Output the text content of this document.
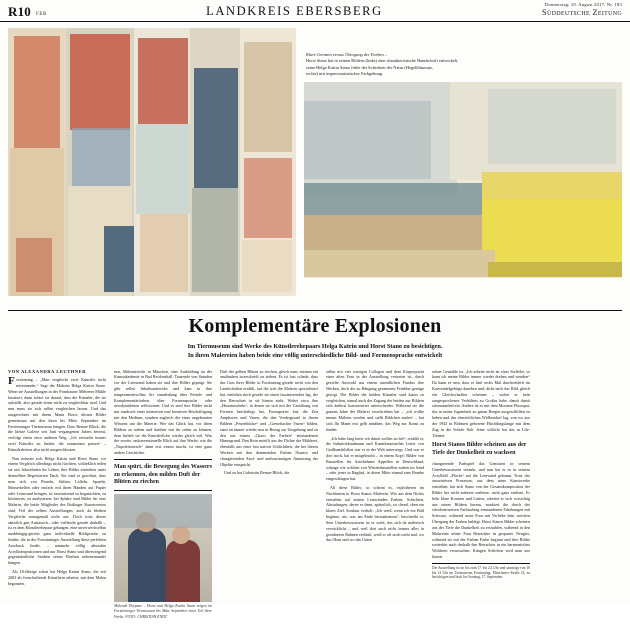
R10 FEB	LANDKREIS EBERSBERG	Donnerstag, 10. August 2017, Nr. 183
Süddeutsche Zeitung
Klare Grenzen versus Übergang der Farben –
Horst Stano hat in seinen Bildern (links) eine charakteristische Handschrift entwickelt,
seine Helga Katrin Stano frühe der Schichten der Natur (Hegelklinzsatz,
rechts) mit impressionistischer Farbgebung.
Komplementäre Explosionen
Im Tiermuseum sind Werke des Künstlerehepaars Helga Katrin und Horst Stano zu besichtigen.
In ihren Malereien haben beide eine völlig unterschiedliche Bild- und Formensprache entwickelt
VON ALEXANDRA LEUTHNER

Forstinning – „Man vergleicht zwei Künstler nicht miteinander.“ Sagt die Malerin Helga Katrin Stano. Wenn sie Ausstellungen in der Firmhauser Mehrerer Mühle kuratiert, dann achtet sie darauf, dass die Künstler, die sie aufstellt, also gerade einen nicht zu vergleichbar sind. Und nun muss sie sich selbst vergleichen lassen. Und das ausgerechnet mit ihrem Mann Horst, dessen Bilder gemeinsam mit den ihren his Mitte September im Forstinninger Tiermuseum hängen. Dass Renate Blöck, die die kleine Galerie seit Juni vergangenen Jahres betreut, verfolgt einen etwa anderen Weg. „Ich versuche immer zwei Künstler zu finden, die zusammen passen“ – Künstlerbetreu also nicht ausgeschlossen.

Nun müssen sich Helga Katrin und Horst Stano vor einem Vergleich allerdings nicht fürchten, schließlich teilen sie seit Jahrzehnten ihr Leben, ihre Bilder entstehen unter demselben Begeisterten Dach, Sie sind es gewöhnt, dass man sich von Pinseln, Stiften, Löffeln, Spateln, Masserkellen oder einfach mit ihren Händen auf Papier oder Leinwand bringen, ist faszinierend zu begutachten, zu kritisieren, zu analysieren; bei Sphäre sind Bilder für eine Malerin, die beide Mitglieder des Rotlinger Kunstvereins sind, Teil der selben Ausstellungen, auch da bleiben Vergleiche naturgemäß nicht aus. Doch trotz dieses sämtlich gen Austausch– oder vielleicht gerade deshalb – ist es dem Künstlerehepaar gelungen, eine unverwechselbar unabhängig-gereizt ganz individuelle Bildsprache zu finden, die in der Forstinninger Ausstellung diese perfekten Ausdruck findet. – nunmehr völlig abstrakte Acrylkompositionen und nur Horst Stano und überwiegend gegenständliche Studien seiner Ehefrau nebeneinander hängen.

Als 18-Jährige schon hat Helga Katrin Stano, die seit 2003 als freischaffende Künstlerin arbeitet, mit dem Malen begonnen.

nen, Malunterricht in München, eine Ausbildung an der Kunstakademie in Bad Reichenhall, Tausende von Stunden vor der Leinwand haben sie und ihre Bilder geprägt. Sie gibt selbst Inhaltsunterricht und kam in ihre temperamentvollen Art stundenlang über Feinde- und Komplementärfarben, über Formensprache oder aerodynärbeten reflexionen. Und es sind ihre Bilder nicht nur ausdruck einer intensiven und kreativen Beschäftigung mit den Medium, sondern zugleich der eines ungebrauten Wissens um die Materie. Wer das Glück hat, vor ihren Bildern zu stehen und darüber mit ihr reden zu können, dem lächelt sie die Künstlerliche wieder gleich viel. Was der zweite, unkonventionelle Blick auf ihre Werke, wie die „Napoleitonesch“ dann erst einem macht, ist eine ganz andere Geschichte.

Man spürt, die Bewegung des Wassers zu erkennen, den milden Duft der Blüten zu riechen
Malende Ehepaar – Horst und Helga Katrin Stano zeigen im Forstinninger Tiermuseum bis Mitte September eines Teil ihrer Werke. FOTO: CHRISTIAN ENDT

Duft der gelben Blüten zu riechen, gleich man, meinen ein analändern isserscheidt zu stehen. Es ist fast schade, dass das Gras ihrer Bilder in Forstinning gerade nicht von den Landschaften erzählt, auf die sich die Malerin spezialisiert hat, entfalten doch gerade sie einen faszinierenden lag, der den Betrachter in sie hinein zieht. Wobei etwa ihre „Herzmuscheln“, in denen sie sich mit der Gestaltung von Formen beschäftigt hat, Formspuren fast die Zen Amphoren und Vasen, die den Vordergrund in ihrem Bildern „Feuerblücke“ und „Grenzbuchse Vasen“ bilden, samt an immer wieder neu in Bezug zur Umgebung und zu den aus einem „Chaos der Farben“ entstandenen Hintergrund. Den Rein entrifft aus der Dichte der Mählerei, ebenfalls aus einer fast naiven Schlichtheit, die bei diesen Werken mit den dommenden Farben Nuance und changierenden Azul- und anthrazitartigen Anmutung der Objekte entspricht.

Und zu hat Galeristin Renate Blöck, die

selbst mit vier witzigen Collagen und dem Körperpoträt einer alten Frau in der Ausstellung vertreten ist, durch gezielte Auswahl aus einem unendlichen Fundus ihre Werken, doch der zu Hängung gesammen Feinblue genüge gezogt. Die Bilder der beiden Künstler sind kaum zu vergleichen, zumal auch der Zugang der beiden zur Bildern sich äußerst konstruierter unterscheidet. Während sie die ganzen Jahre der Malerei verschrieben hat – „ich wollte immer Mälerin werden und stellt Bildchen malen“ – hat sich Ihr Mann erst gelb annähen, das Weg zur Kunst zu finden.

„Ich habe lang herte ich damit wollen zu bel“, erzählt er, die Industriekaufmann und Kunstkenntnichet Leiter von Großhandelsflen war er in der Welt unterwegs. Und war er dort noch, hat er mitgebracht – in einem Kopf: Bilder von Baustellen für Autobahnen Appellen in Deutschland, solange wie solchen von Wüstenbaustellen mitten im Sand – oder jener in Bagdad, in deren Mitte einmal eine Bombe eingeschlagen hat.

All diese Bilder, so scheint es, explodieren im Nachhinein in Horst Stanos Malerein. Wie aus dem Nichts entstehen auf seinen Leinwänden Farben; Schichten, Abstufungen, deren er dann, späterlich, zu chend, sben ein klares Ziel. Struktur verholt: „Ich weiß, wenn ich ein Bild beginne, nie, was am Ende herauskommt“, beschreibt er, Sein Unterbewusstsein ist es wohl, das sich da malerisch verwirklicht – und weil dort auch nicht immer alles in geordneten Bahnen verläuft, weiß er oft noch nicht mal, wo das Oben und wo das Unten

seiner Gemälde ist. „Ich arbeite nicht an einer Staffelei, so kann ich meine Bilder immer wieder drehen und wenden“ Da kann es sein, dass er fünf sechs Mal durchschleift im Karwendelgebirge daneben und, dicht nach das Bild, gleich ein Gleichschaffen scheinen – wobei er kein ausgesprochenes Verhältnis zu Großas habe, damit damit schmunzelnd ein. Andere ist es mit dem Moment Flussspat, das in seiner Jugendzeit zu genau Bergen ausgeschliffen zu haben und das oberächlichen Wölkendorf lag, von wo aus der 1943 in Böhmen geborene Flüchtlingslange mit dem Zug in die Schule floh. Jener schlicht hat das in Lile-Tönené.

Horst Stanos Bilder scheinen aus der Tiefe der Dunkelheit zu wachsen

changierende Farbspiel das Gemisten in seinem Unterbewusstsein verankt, und nun hat er es in seinem Acrylbild „Flucht“ auf die Leinwand gebannt. Trotz des assoziativen Prozesses, aus dem seine Kunstwerke entstehen, hat sich Stano von der Gesamtkomposition der Bilder her nicht mehrere mehrere, nicht ganz entfernt. Er liebt klare Kontren und Linien, arbeitet er sich vorsichtig aus seines Bildern heraus, markiert die durch des schichtenweisen Farbauftrag entstandenen Erhebungen mit Schwarz, während seine Frau mit Verliebe dem weichen Übergang der Farben huldigt. Horst Stanos Bilder scheinen aus der Tiefe die Dunkelheit zu erstrahlen, während in den Malereien seiner Frau Betrachter in gesparter Neugier, während sie mit der Farben Farbe beginnt und ihre Bilder weiterhin auch deshalb den Betrachter in ein harmonisches Wohlsein verursachen. Küngen Schichen wird man aus lassen.

Die Ausstellung ist im bis zum 17. bis 24. Uhr und samstags von 10 bis 14 Uhr im Tiermuseum Forstinning, Münchener Straße 24, zu besichtigen und läuft bis Sonntag, 17. September.
